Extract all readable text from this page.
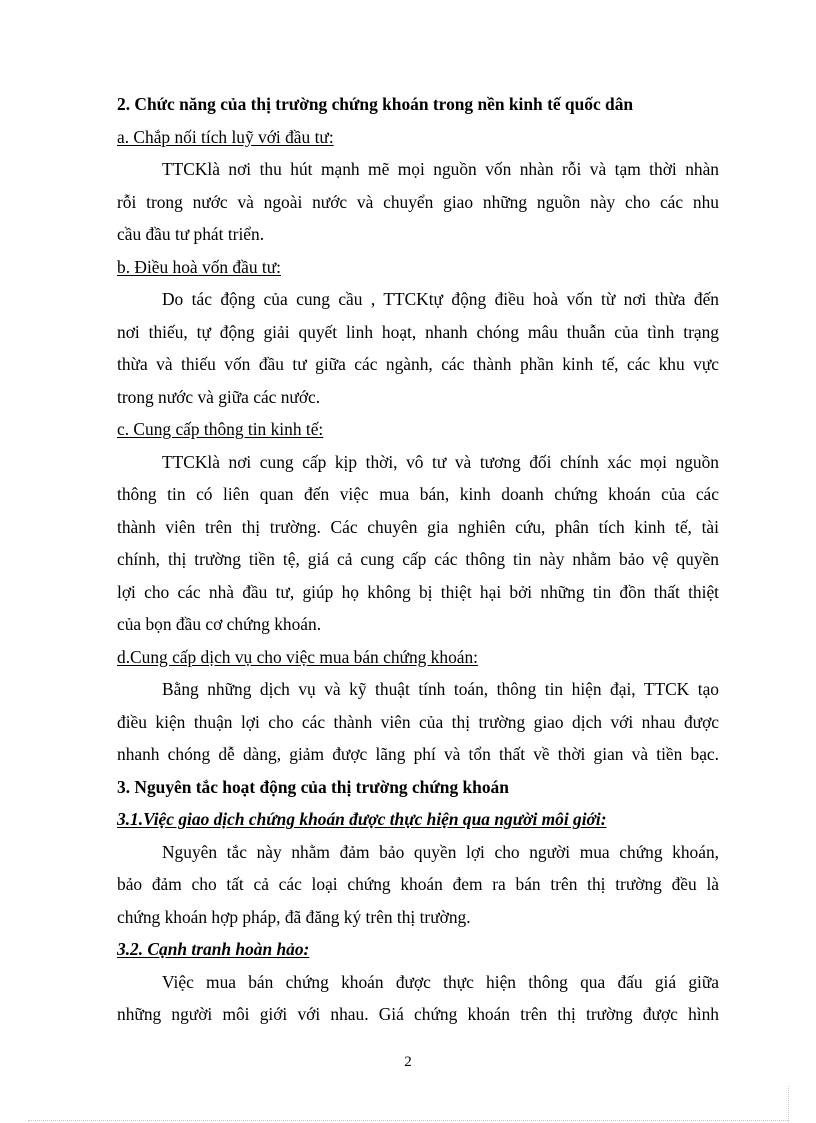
2. Chức năng của thị trường chứng khoán trong nền kinh tế quốc dân
a. Chắp nối tích luỹ với đầu tư:
TTCKlà nơi thu hút mạnh mẽ mọi nguồn vốn nhàn rỗi và tạm thời nhàn
rỗi trong nước và ngoài nước và chuyển giao những nguồn này cho các nhu
cầu đầu tư phát triển.
b. Điều hoà vốn đầu tư:
Do tác động của cung cầu , TTCKtự động điều hoà vốn từ nơi thừa đến
nơi thiếu, tự động giải quyết linh hoạt, nhanh chóng mâu thuẫn của tình trạng
thừa và thiếu vốn đầu tư giữa các ngành, các thành phần kinh tế, các khu vực
trong nước và giữa các nước.
c. Cung cấp thông tin kinh tế:
TTCKlà nơi cung cấp kịp thời, vô tư và tương đối chính xác mọi nguồn
thông tin có liên quan đến việc mua bán, kinh doanh chứng khoán của các
thành viên trên thị trường. Các chuyên gia nghiên cứu, phân tích kinh tế, tài
chính, thị trường tiền tệ, giá cả cung cấp các thông tin này nhằm bảo vệ quyền
lợi cho các nhà đầu tư, giúp họ không bị thiệt hại bởi những tin đồn thất thiệt
của bọn đầu cơ chứng khoán.
d.Cung cấp dịch vụ cho việc mua bán chứng khoán:
Bằng những dịch vụ và kỹ thuật tính toán, thông tin hiện đại, TTCK tạo
điều kiện thuận lợi cho các thành viên của thị trường giao dịch với nhau được
nhanh chóng dễ dàng, giảm được lãng phí và tổn thất về thời gian và tiền bạc.
3. Nguyên tắc hoạt động của thị trường chứng khoán
3.1.Việc giao dịch chứng khoán được thực hiện qua người môi giới:
Nguyên tắc này nhằm đảm bảo quyền lợi cho người mua chứng khoán,
bảo đảm cho tất cả các loại chứng khoán đem ra bán trên thị trường đều là
chứng khoán hợp pháp, đã đăng ký trên thị trường.
3.2. Cạnh tranh hoàn hảo:
Việc mua bán chứng khoán được thực hiện thông qua đấu giá giữa
những người môi giới với nhau. Giá chứng khoán trên thị trường được hình
2
